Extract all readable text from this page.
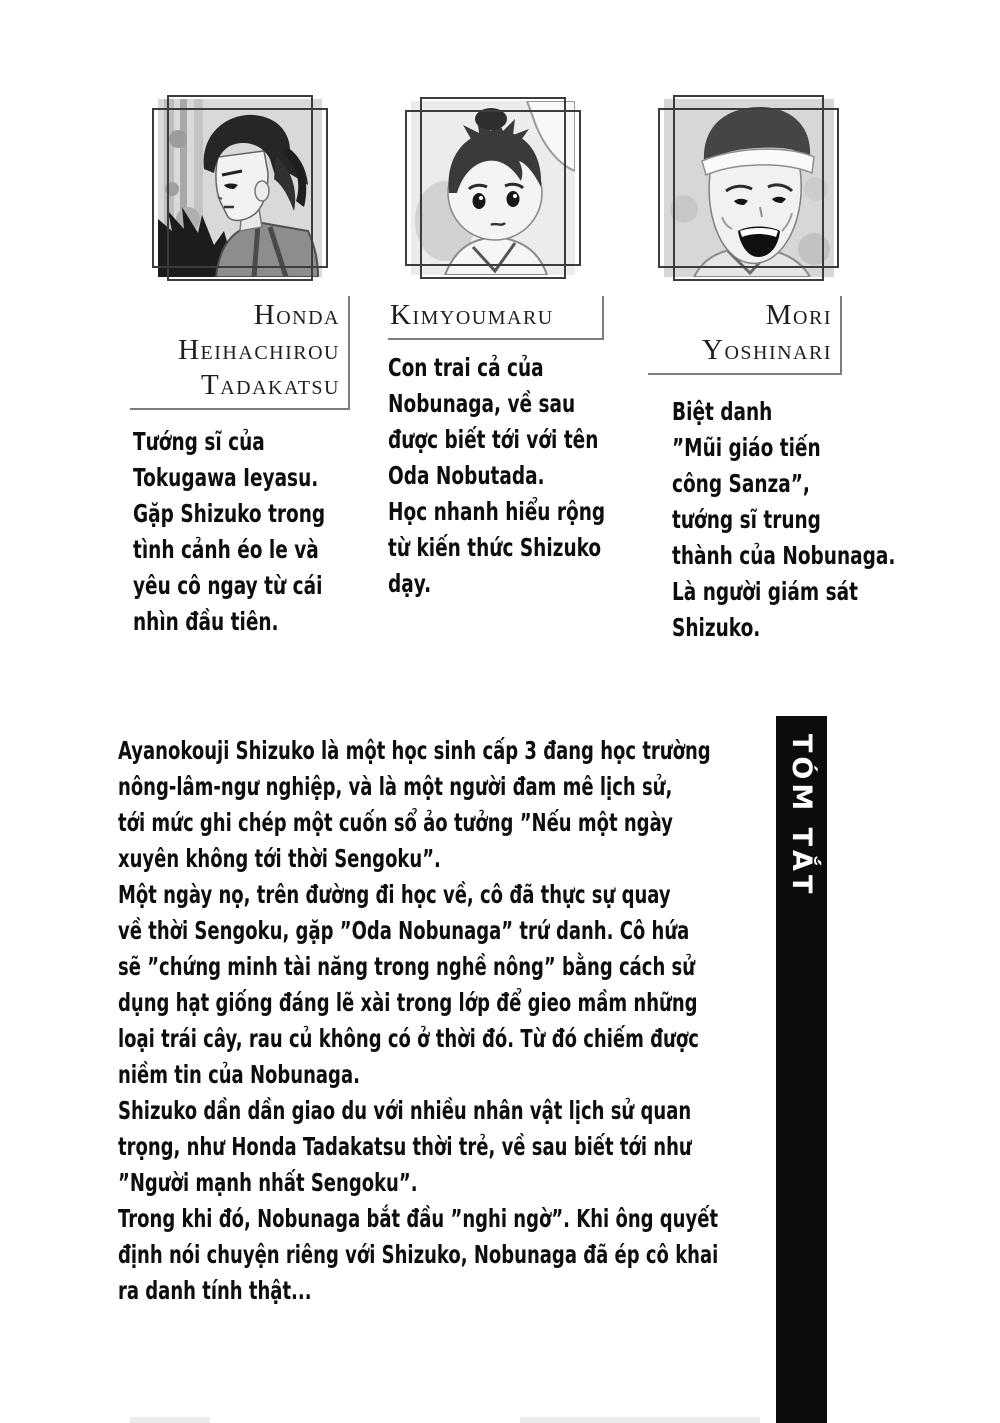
Honda
Heihachirou
Tadakatsu
Kimyoumaru	Mori
Yoshinari
Tướng sĩ của
Tokugawa Ieyasu.
Gặp Shizuko trong
tình cảnh éo le và
yêu cô ngay từ cái
nhìn đầu tiên.
Con trai cả của
Nobunaga, về sau
được biết tới với tên
Oda Nobutada.
Học nhanh hiểu rộng
từ kiến thức Shizuko
dạy.
Biệt danh
”Mũi giáo tiến
công Sanza”,
tướng sĩ trung
thành của Nobunaga.
Là người giám sát
Shizuko.
Ayanokouji Shizuko là một học sinh cấp 3 đang học trường
nông-lâm-ngư nghiệp, và là một người đam mê lịch sử,
tới mức ghi chép một cuốn sổ ảo tưởng ”Nếu một ngày
xuyên không tới thời Sengoku”.
Một ngày nọ, trên đường đi học về, cô đã thực sự quay
về thời Sengoku, gặp ”Oda Nobunaga” trứ danh. Cô hứa
sẽ ”chứng minh tài năng trong nghề nông” bằng cách sử
dụng hạt giống đáng lẽ xài trong lớp để gieo mầm những
loại trái cây, rau củ không có ở thời đó. Từ đó chiếm được
niềm tin của Nobunaga.
Shizuko dần dần giao du với nhiều nhân vật lịch sử quan
trọng, như Honda Tadakatsu thời trẻ, về sau biết tới như
”Người mạnh nhất Sengoku”.
Trong khi đó, Nobunaga bắt đầu ”nghi ngờ”. Khi ông quyết
định nói chuyện riêng với Shizuko, Nobunaga đã ép cô khai
ra danh tính thật...
TÓM TẮT
